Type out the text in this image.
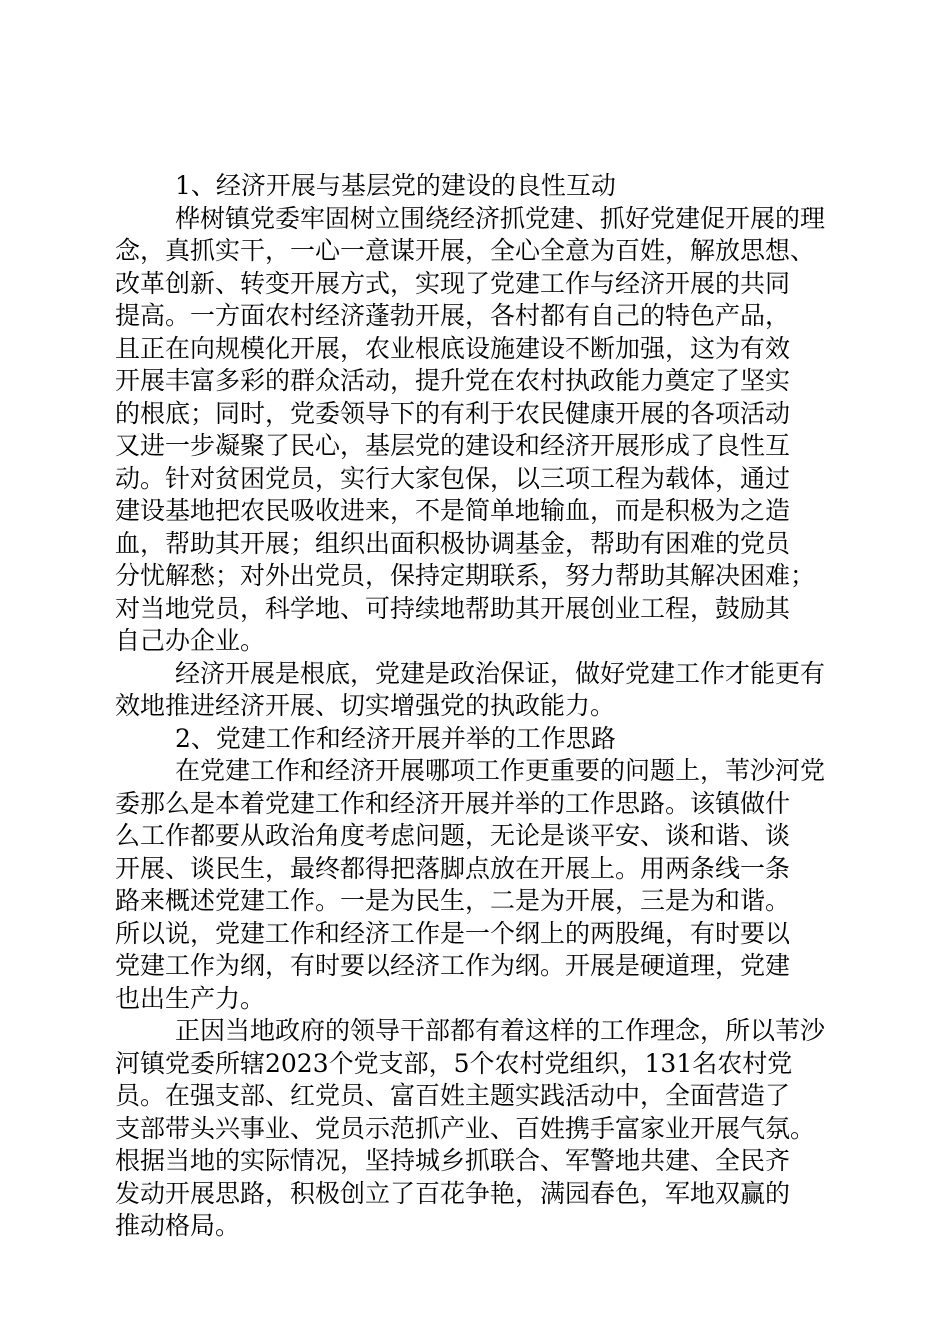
1、经济开展与基层党的建设的良性互动
桦树镇党委牢固树立围绕经济抓党建、抓好党建促开展的理
念，真抓实干，一心一意谋开展，全心全意为百姓，解放思想、
改革创新、转变开展方式，实现了党建工作与经济开展的共同
提高。一方面农村经济蓬勃开展，各村都有自己的特色产品，
且正在向规模化开展，农业根底设施建设不断加强，这为有效
开展丰富多彩的群众活动，提升党在农村执政能力奠定了坚实
的根底；同时，党委领导下的有利于农民健康开展的各项活动
又进一步凝聚了民心，基层党的建设和经济开展形成了良性互
动。针对贫困党员，实行大家包保，以三项工程为载体，通过
建设基地把农民吸收进来，不是简单地输血，而是积极为之造
血，帮助其开展；组织出面积极协调基金，帮助有困难的党员
分忧解愁；对外出党员，保持定期联系，努力帮助其解决困难；
对当地党员，科学地、可持续地帮助其开展创业工程，鼓励其
自己办企业。
经济开展是根底，党建是政治保证，做好党建工作才能更有
效地推进经济开展、切实增强党的执政能力。
2、党建工作和经济开展并举的工作思路
在党建工作和经济开展哪项工作更重要的问题上，苇沙河党
委那么是本着党建工作和经济开展并举的工作思路。该镇做什
么工作都要从政治角度考虑问题，无论是谈平安、谈和谐、谈
开展、谈民生，最终都得把落脚点放在开展上。用两条线一条
路来概述党建工作。一是为民生，二是为开展，三是为和谐。
所以说，党建工作和经济工作是一个纲上的两股绳，有时要以
党建工作为纲，有时要以经济工作为纲。开展是硬道理，党建
也出生产力。
正因当地政府的领导干部都有着这样的工作理念，所以苇沙
河镇党委所辖2023个党支部，5个农村党组织，131名农村党
员。在强支部、红党员、富百姓主题实践活动中，全面营造了
支部带头兴事业、党员示范抓产业、百姓携手富家业开展气氛。
根据当地的实际情况，坚持城乡抓联合、军警地共建、全民齐
发动开展思路，积极创立了百花争艳，满园春色，军地双赢的
推动格局。
